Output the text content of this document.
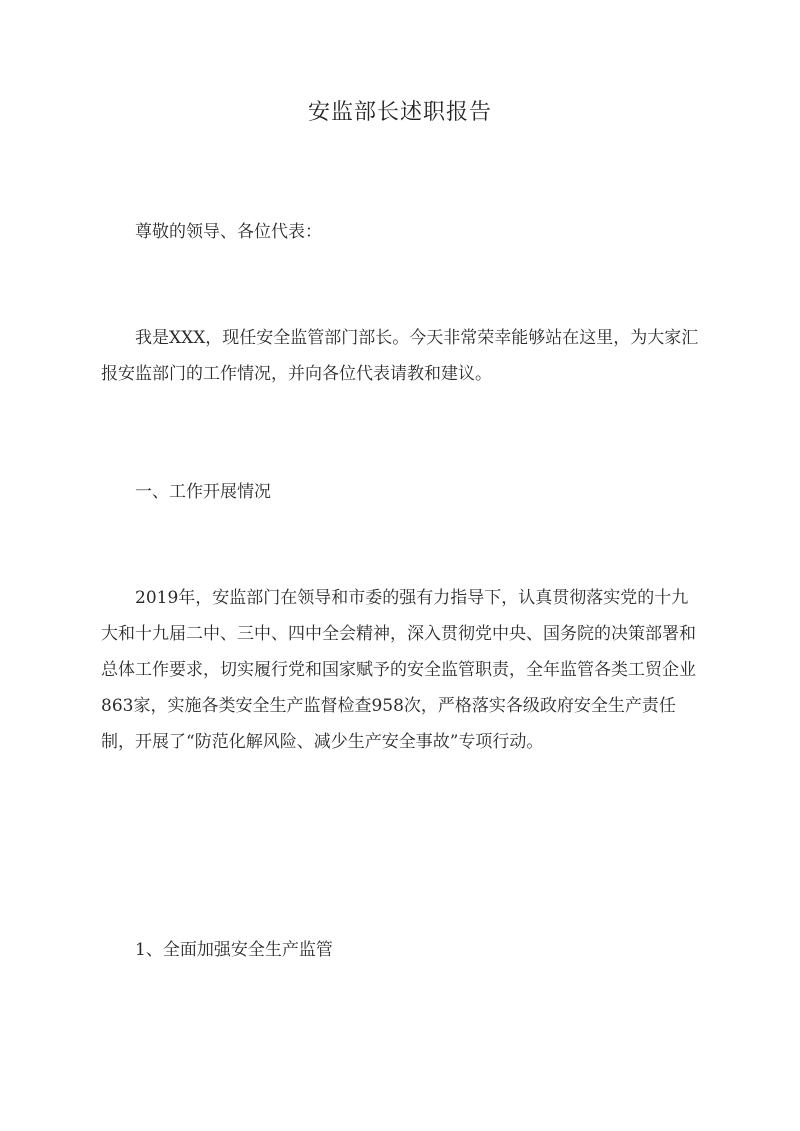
安监部长述职报告

尊敬的领导、各位代表：

我是XXX，现任安全监管部门部长。今天非常荣幸能够站在这里，为大家汇报安监部门的工作情况，并向各位代表请教和建议。

一、工作开展情况

2019年，安监部门在领导和市委的强有力指导下，认真贯彻落实党的十九大和十九届二中、三中、四中全会精神，深入贯彻党中央、国务院的决策部署和总体工作要求，切实履行党和国家赋予的安全监管职责，全年监管各类工贸企业863家，实施各类安全生产监督检查958次，严格落实各级政府安全生产责任制，开展了“防范化解风险、减少生产安全事故”专项行动。

1、全面加强安全生产监管
